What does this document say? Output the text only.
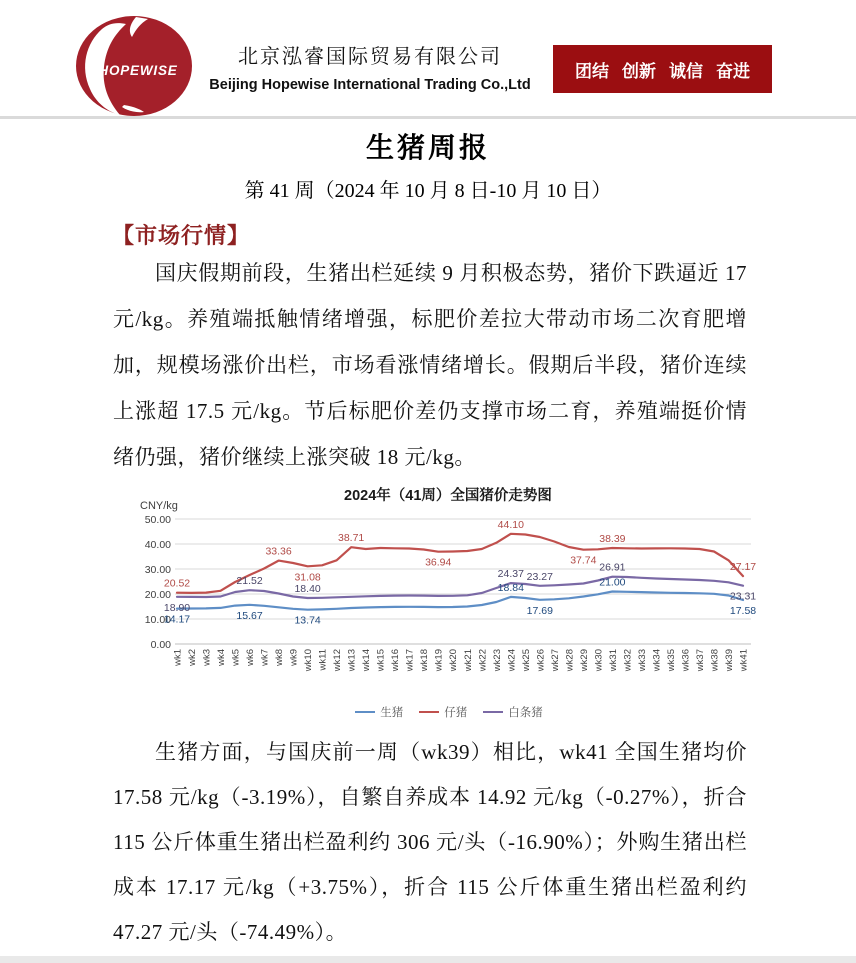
HOPEWISE
北京泓睿国际贸易有限公司
Beijing Hopewise International Trading Co.,Ltd
团结 创新 诚信 奋进
生猪周报
第 41 周（2024 年 10 月 8 日-10 月 10 日）
【市场行情】
国庆假期前段，生猪出栏延续 9 月积极态势，猪价下跌逼近 17 元/kg。养殖端抵触情绪增强，标肥价差拉大带动市场二次育肥增加，规模场涨价出栏，市场看涨情绪增长。假期后半段，猪价连续上涨超 17.5 元/kg。节后标肥价差仍支撑市场二育，养殖端挺价情绪仍强，猪价继续上涨突破 18 元/kg。
2024年（41周）全国猪价走势图
CNY/kg
0.00
10.00
20.00
30.00
40.00
50.00
wk1 wk2 wk3 wk4 wk5 wk6 wk7 wk8 wk9 wk10 wk11 wk12 wk13 wk14 wk15 wk16 wk17 wk18 wk19 wk20 wk21 wk22 wk23 wk24 wk25 wk26 wk27 wk28 wk29 wk30 wk31 wk32 wk33 wk34 wk35 wk36 wk37 wk38 wk39 wk41
14.17	15.67	13.74
18.84
17.69
21.00
17.58
20.52
33.36
31.08
38.71
36.94
44.10
37.74
38.39
27.17
18.90
21.52
18.40
24.37 23.27
26.91
23.31
生猪	仔猪	白条猪
生猪方面，与国庆前一周（wk39）相比，wk41 全国生猪均价 17.58 元/kg（-3.19%），自繁自养成本 14.92 元/kg（-0.27%），折合 115 公斤体重生猪出栏盈利约 306 元/头（-16.90%）；外购生猪出栏成本 17.17 元/kg（+3.75%），折合 115 公斤体重生猪出栏盈利约 47.27 元/头（-74.49%）。
